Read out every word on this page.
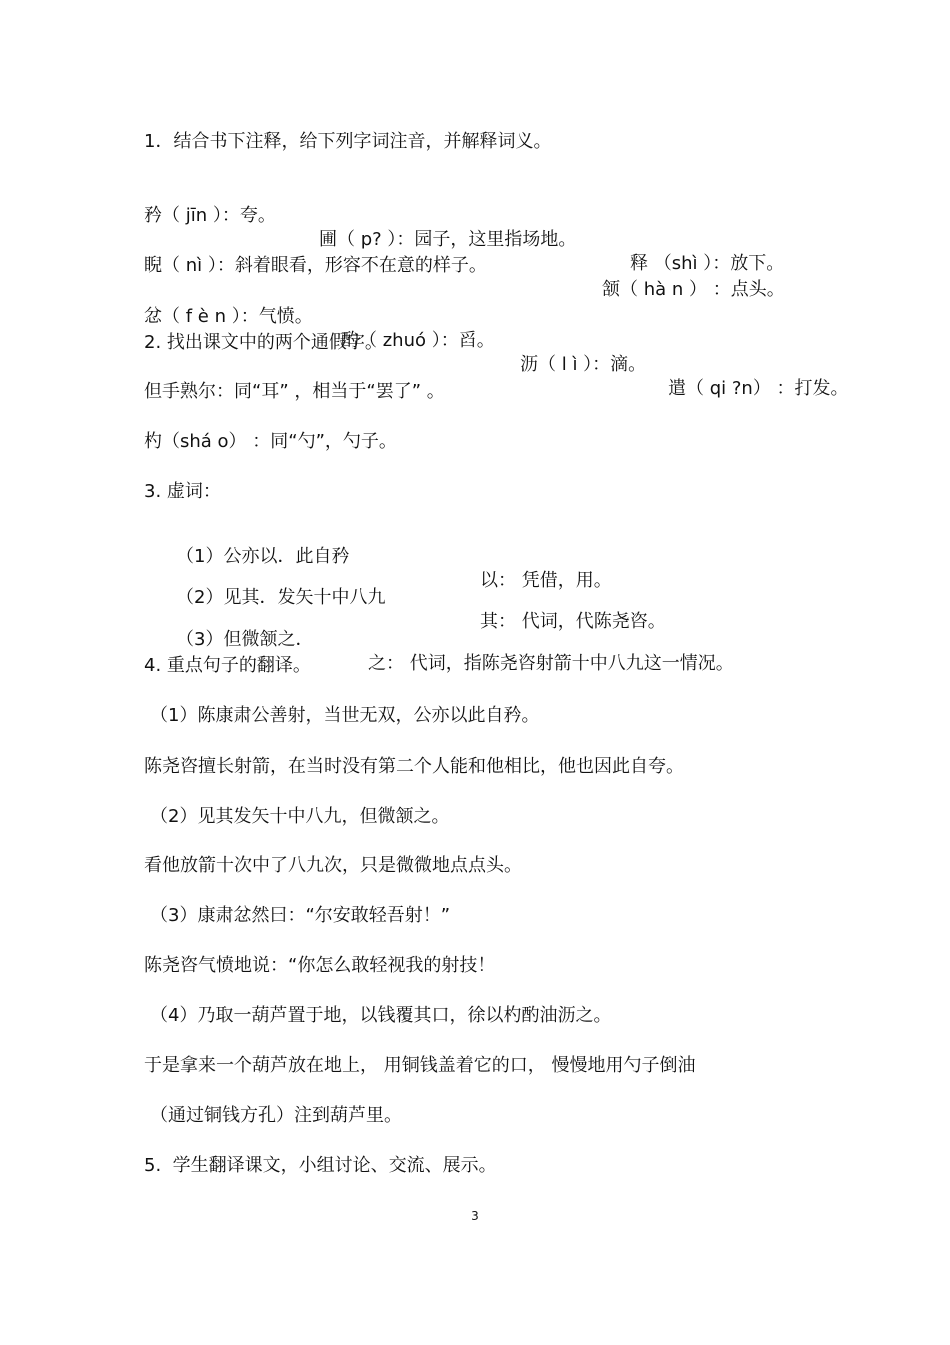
1．结合书下注释，给下列字词注音，并解释词义。

矜（ jīn ）：夸。

圃（ p? ）：园子，这里指场地。

释 （shì ）：放下。

睨（ nì ）：斜着眼看，形容不在意的样子。

颔（ hà n ） ：点头。

忿（ f è n ）：气愤。

酌（ zhuó ）：舀。

沥（ l ì ）：滴。

遣（ qi ?n） ：打发。

2. 找出课文中的两个通假字。
但手熟尔：同“耳” ，相当于“罢了” 。
杓（shá o） ：同“勺”，勺子。
3. 虚词：

（1）公亦以．此自矜

以： 凭借，用。

（2）见其．发矢十中八九

其： 代词，代陈尧咨。

（3）但微颔之．

之： 代词，指陈尧咨射箭十中八九这一情况。

4. 重点句子的翻译。
（1）陈康肃公善射，当世无双，公亦以此自矜。
陈尧咨擅长射箭，在当时没有第二个人能和他相比，他也因此自夸。
（2）见其发矢十中八九，但微颔之。
看他放箭十次中了八九次，只是微微地点点头。
（3）康肃忿然曰：“尔安敢轻吾射！”
陈尧咨气愤地说：“你怎么敢轻视我的射技！
（4）乃取一葫芦置于地，以钱覆其口，徐以杓酌油沥之。
于是拿来一个葫芦放在地上， 用铜钱盖着它的口， 慢慢地用勺子倒油
（通过铜钱方孔）注到葫芦里。
5.  学生翻译课文，小组讨论、交流、展示。
3
